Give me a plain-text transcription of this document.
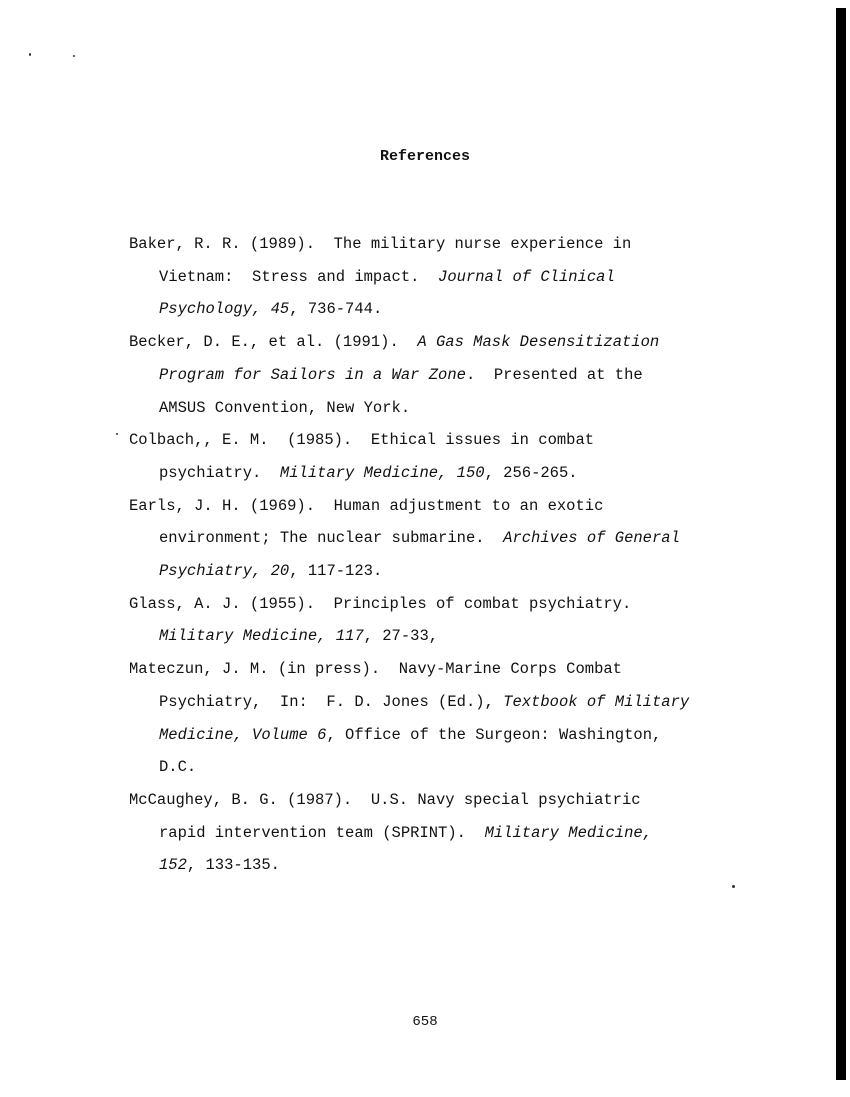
References
Baker, R. R. (1989).  The military nurse experience in
Vietnam:  Stress and impact.  Journal of Clinical
Psychology, 45, 736-744.
Becker, D. E., et al. (1991).  A Gas Mask Desensitization
Program for Sailors in a War Zone.  Presented at the
AMSUS Convention, New York.
Colbach,, E. M.  (1985).  Ethical issues in combat
psychiatry.  Military Medicine, 150, 256-265.
Earls, J. H. (1969).  Human adjustment to an exotic
environment; The nuclear submarine.  Archives of General
Psychiatry, 20, 117-123.
Glass, A. J. (1955).  Principles of combat psychiatry.
Military Medicine, 117, 27-33,
Mateczun, J. M. (in press).  Navy-Marine Corps Combat
Psychiatry,  In:  F. D. Jones (Ed.), Textbook of Military
Medicine, Volume 6, Office of the Surgeon: Washington,
D.C.
McCaughey, B. G. (1987).  U.S. Navy special psychiatric
rapid intervention team (SPRINT).  Military Medicine,
152, 133-135.
658
